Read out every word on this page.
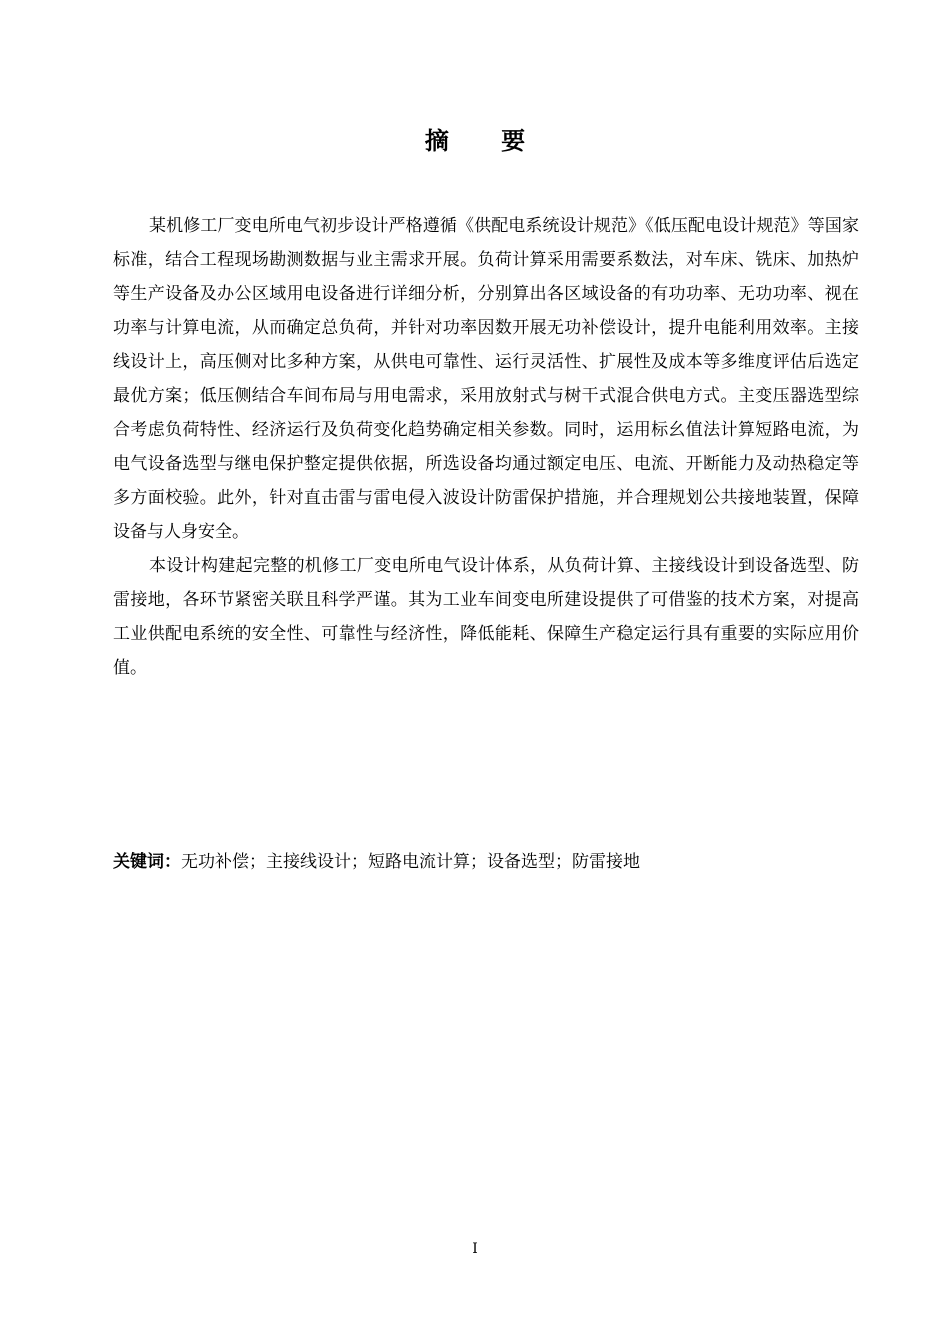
摘 要

某机修工厂变电所电气初步设计严格遵循《供配电系统设计规范》《低压配电设计规范》等国家标准，结合工程现场勘测数据与业主需求开展。负荷计算采用需要系数法，对车床、铣床、加热炉等生产设备及办公区域用电设备进行详细分析，分别算出各区域设备的有功功率、无功功率、视在功率与计算电流，从而确定总负荷，并针对功率因数开展无功补偿设计，提升电能利用效率。主接线设计上，高压侧对比多种方案，从供电可靠性、运行灵活性、扩展性及成本等多维度评估后选定最优方案；低压侧结合车间布局与用电需求，采用放射式与树干式混合供电方式。主变压器选型综合考虑负荷特性、经济运行及负荷变化趋势确定相关参数。同时，运用标幺值法计算短路电流，为电气设备选型与继电保护整定提供依据，所选设备均通过额定电压、电流、开断能力及动热稳定等多方面校验。此外，针对直击雷与雷电侵入波设计防雷保护措施，并合理规划公共接地装置，保障设备与人身安全。

本设计构建起完整的机修工厂变电所电气设计体系，从负荷计算、主接线设计到设备选型、防雷接地，各环节紧密关联且科学严谨。其为工业车间变电所建设提供了可借鉴的技术方案，对提高工业供配电系统的安全性、可靠性与经济性，降低能耗、保障生产稳定运行具有重要的实际应用价值。

关键词：无功补偿；主接线设计；短路电流计算；设备选型；防雷接地

I
